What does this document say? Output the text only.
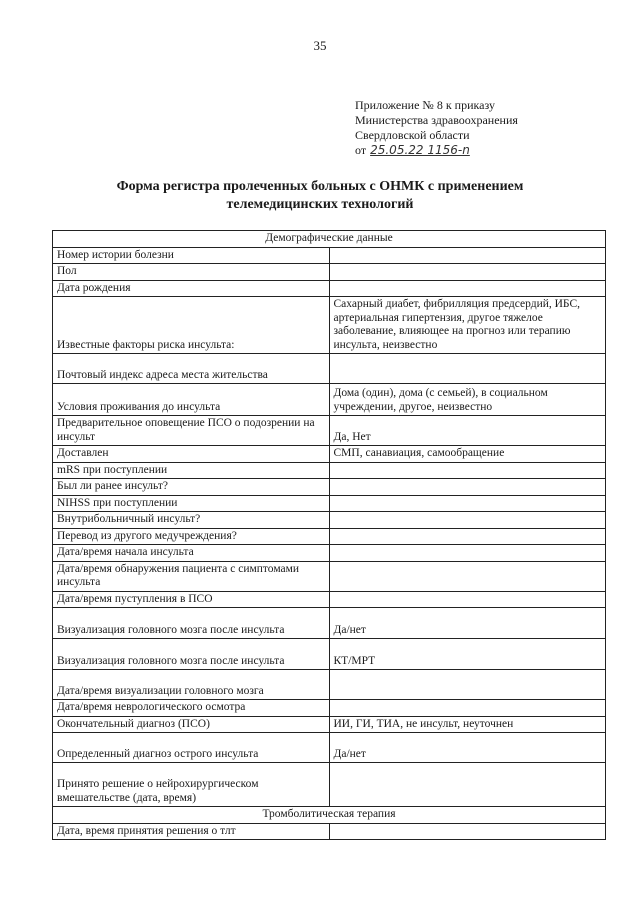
35
Приложение № 8 к приказу
Министерства здравоохранения
Свердловской области
от 25.05.22 1156-n
Форма регистра пролеченных больных с ОНМК с применением
телемедицинских технологий
Демографические данные	
Номер истории болезни	
Пол	
Дата рождения	
Известные факторы риска инсульта:	Сахарный диабет, фибрилляция предсердий, ИБС, артериальная гипертензия, другое тяжелое заболевание, влияющее на прогноз или терапию инсульта, неизвестно
Почтовый индекс адреса места жительства	
Условия проживания до инсульта	Дома (один), дома (с семьей), в социальном учреждении, другое, неизвестно
Предварительное оповещение ПСО о подозрении на инсульт	Да, Нет
Доставлен	СМП, санавиация, самообращение
mRS при поступлении	
Был ли ранее инсульт?	
NIHSS при поступлении	
Внутрибольничный инсульт?	
Перевод из другого медучреждения?	
Дата/время начала инсульта	
Дата/время обнаружения пациента с симптомами инсульта	
Дата/время пуступления в ПСО	
Визуализация головного мозга после инсульта	Да/нет
Визуализация головного мозга после инсульта	КТ/МРТ
Дата/время визуализации головного мозга	
Дата/время неврологического осмотра	
Окончательный диагноз (ПСО)	ИИ, ГИ, ТИА, не инсульт, неуточнен
Определенный диагноз острого инсульта	Да/нет
Принято решение о нейрохирургическом вмешательстве (дата, время)	
Тромболитическая терапия	
Дата, время принятия решения о тлт	
